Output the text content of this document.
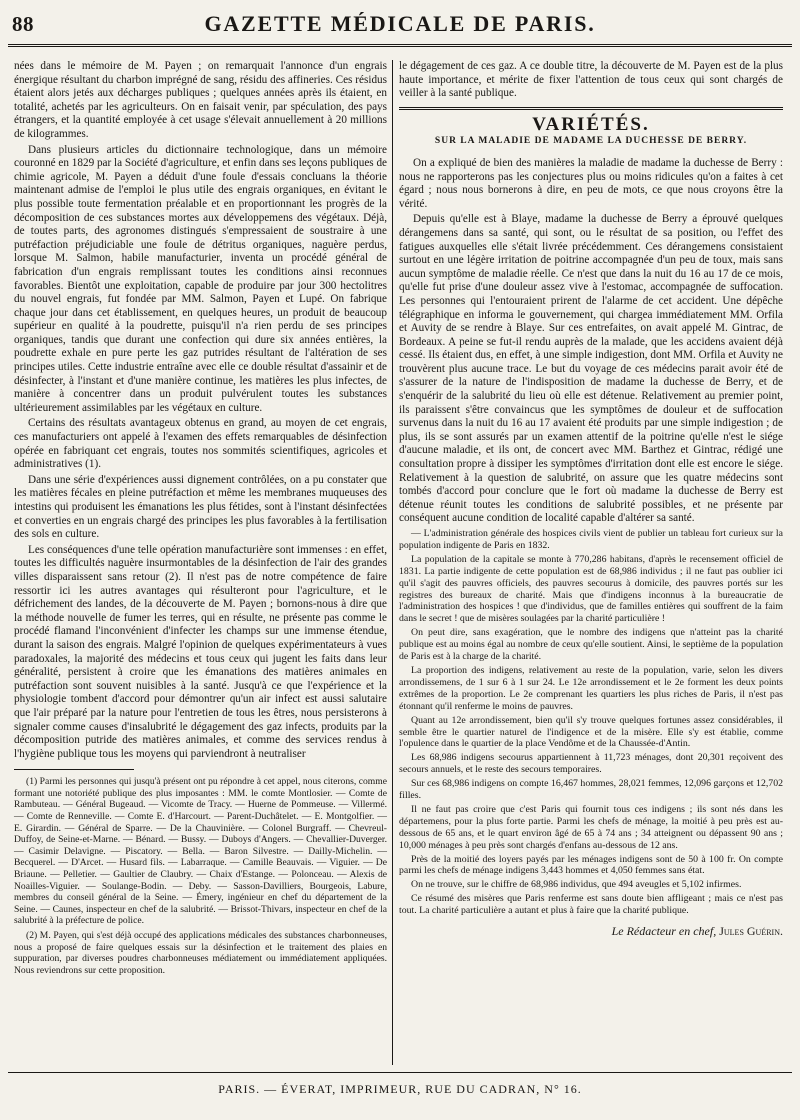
88	GAZETTE MÉDICALE DE PARIS.

nées dans le mémoire de M. Payen ; on remarquait l'annonce d'un engrais énergique résultant du charbon imprégné de sang, résidu des affineries. Ces résidus étaient alors jetés aux décharges publiques ; quelques années après ils étaient, en totalité, achetés par les agriculteurs. On en faisait venir, par spéculation, des pays étrangers, et la quantité employée à cet usage s'élevait annuellement à 20 millions de kilogrammes.

Dans plusieurs articles du dictionnaire technologique, dans un mémoire couronné en 1829 par la Société d'agriculture, et enfin dans ses leçons publiques de chimie agricole, M. Payen a déduit d'une foule d'essais concluans la théorie maintenant admise de l'emploi le plus utile des engrais organiques, en évitant le plus possible toute fermentation préalable et en proportionnant les progrès de la décomposition de ces substances mortes aux développemens des végétaux. Déjà, de toutes parts, des agronomes distingués s'empressaient de soustraire à une putréfaction préjudiciable une foule de détritus organiques, naguère perdus, lorsque M. Salmon, habile manufacturier, inventa un procédé général de fabrication d'un engrais remplissant toutes les conditions ainsi reconnues favorables. Bientôt une exploitation, capable de produire par jour 300 hectolitres du nouvel engrais, fut fondée par MM. Salmon, Payen et Lupé. On fabrique chaque jour dans cet établissement, en quelques heures, un produit de beaucoup supérieur en qualité à la poudrette, puisqu'il n'a rien perdu de ses principes organiques, tandis que durant une confection qui dure six années entières, la poudrette exhale en pure perte les gaz putrides résultant de l'altération de ses principes utiles. Cette industrie entraîne avec elle ce double résultat d'assainir et de désinfecter, à l'instant et d'une manière continue, les matières les plus infectes, de manière à concentrer dans un produit pulvérulent toutes les substances ultérieurement assimilables par les végétaux en culture.

Certains des résultats avantageux obtenus en grand, au moyen de cet engrais, ces manufacturiers ont appelé à l'examen des effets remarquables de désinfection opérée en fabriquant cet engrais, toutes nos sommités scientifiques, agricoles et administratives (1).

Dans une série d'expériences aussi dignement contrôlées, on a pu constater que les matières fécales en pleine putréfaction et même les membranes muqueuses des intestins qui produisent les émanations les plus fétides, sont à l'instant désinfectées et converties en un engrais chargé des principes les plus favorables à la fertilisation des sols en culture.

Les conséquences d'une telle opération manufacturière sont immenses : en effet, toutes les difficultés naguère insurmontables de la désinfection de l'air des grandes villes disparaissent sans retour (2). Il n'est pas de notre compétence de faire ressortir ici les autres avantages qui résulteront pour l'agriculture, et le défrichement des landes, de la découverte de M. Payen ; bornons-nous à dire que la méthode nouvelle de fumer les terres, qui en résulte, ne présente pas comme le procédé flamand l'inconvénient d'infecter les champs sur une immense étendue, durant la saison des engrais. Malgré l'opinion de quelques expérimentateurs à vues paradoxales, la majorité des médecins et tous ceux qui jugent les faits dans leur généralité, persistent à croire que les émanations des matières animales en putréfaction sont souvent nuisibles à la santé. Jusqu'à ce que l'expérience et la physiologie tombent d'accord pour démontrer qu'un air infect est aussi salutaire que l'air préparé par la nature pour l'entretien de tous les êtres, nous persisterons à signaler comme causes d'insalubrité le dégagement des gaz infects, produits par la décomposition putride des matières animales, et comme des services rendus à l'hygiène publique tous les moyens qui parviendront à neutraliser

(1) Parmi les personnes qui jusqu'à présent ont pu répondre à cet appel, nous citerons, comme formant une notoriété publique des plus imposantes : MM. le comte Montlosier. — Comte de Rambuteau. — Général Bugeaud. — Vicomte de Tracy. — Huerne de Pommeuse. — Villermé. — Comte de Renneville. — Comte E. d'Harcourt. — Parent-Duchâtelet. — E. Montgolfier. — E. Girardin. — Général de Sparre. — De la Chauvinière. — Colonel Burgraff. — Chevreul-Duffoy, de Seine-et-Marne. — Bénard. — Bussy. — Duboys d'Angers. — Chevallier-Duverger. — Casimir Delavigne. — Piscatory. — Bella. — Baron Silvestre. — Dailly-Michelin. — Becquerel. — D'Arcet. — Husard fils. — Labarraque. — Camille Beauvais. — Viguier. — De Briaune. — Pelletier. — Gaultier de Claubry. — Chaix d'Estange. — Polonceau. — Alexis de Noailles-Viguier. — Soulange-Bodin. — Deby. — Sasson-Davilliers, Bourgeois, Labure, membres du conseil général de la Seine. — Émery, ingénieur en chef du département de la Seine. — Caunes, inspecteur en chef de la salubrité. — Brissot-Thivars, inspecteur en chef de la salubrité à la préfecture de police.

(2) M. Payen, qui s'est déjà occupé des applications médicales des substances charbonneuses, nous a proposé de faire quelques essais sur la désinfection et le traitement des plaies en suppuration, par diverses poudres charbonneuses médiatement ou immédiatement appliquées. Nous reviendrons sur cette proposition.

le dégagement de ces gaz. A ce double titre, la découverte de M. Payen est de la plus haute importance, et mérite de fixer l'attention de tous ceux qui sont chargés de veiller à la santé publique.

VARIÉTÉS.
SUR LA MALADIE DE MADAME LA DUCHESSE DE BERRY.

On a expliqué de bien des manières la maladie de madame la duchesse de Berry : nous ne rapporterons pas les conjectures plus ou moins ridicules qu'on a faites à cet égard ; nous nous bornerons à dire, en peu de mots, ce que nous croyons être la vérité.

Depuis qu'elle est à Blaye, madame la duchesse de Berry a éprouvé quelques dérangemens dans sa santé, qui sont, ou le résultat de sa position, ou l'effet des fatigues auxquelles elle s'était livrée précédemment. Ces dérangemens consistaient surtout en une légère irritation de poitrine accompagnée d'un peu de toux, mais sans aucun symptôme de maladie réelle. Ce n'est que dans la nuit du 16 au 17 de ce mois, qu'elle fut prise d'une douleur assez vive à l'estomac, accompagnée de suffocation. Les personnes qui l'entouraient prirent de l'alarme de cet accident. Une dépêche télégraphique en informa le gouvernement, qui chargea immédiatement MM. Orfila et Auvity de se rendre à Blaye. Sur ces entrefaites, on avait appelé M. Gintrac, de Bordeaux. A peine se fut-il rendu auprès de la malade, que les accidens avaient déjà cessé. Ils étaient dus, en effet, à une simple indigestion, dont MM. Orfila et Auvity ne trouvèrent plus aucune trace. Le but du voyage de ces médecins parait avoir été de s'assurer de la nature de l'indisposition de madame la duchesse de Berry, et de s'enquérir de la salubrité du lieu où elle est détenue. Relativement au premier point, ils paraissent s'être convaincus que les symptômes de douleur et de suffocation survenus dans la nuit du 16 au 17 avaient été produits par une simple indigestion ; de plus, ils se sont assurés par un examen attentif de la poitrine qu'elle n'est le siége d'aucune maladie, et ils ont, de concert avec MM. Barthez et Gintrac, rédigé une consultation propre à dissiper les symptômes d'irritation dont elle est encore le siége. Relativement à la question de salubrité, on assure que les quatre médecins sont tombés d'accord pour conclure que le fort où madame la duchesse de Berry est détenue réunit toutes les conditions de salubrité possibles, et ne présente par conséquent aucune condition de localité capable d'altérer sa santé.

— L'administration générale des hospices civils vient de publier un tableau fort curieux sur la population indigente de Paris en 1832.

La population de la capitale se monte à 770,286 habitans, d'après le recensement officiel de 1831. La partie indigente de cette population est de 68,986 individus ; il ne faut pas oublier ici qu'il s'agit des pauvres officiels, des pauvres secourus à domicile, des pauvres portés sur les registres des bureaux de charité. Mais que d'indigens inconnus à la bureaucratie de l'administration des hospices ! que d'individus, que de familles entières qui souffrent de la faim dans le secret ! que de misères soulagées par la charité particulière !

On peut dire, sans exagération, que le nombre des indigens que n'atteint pas la charité publique est au moins égal au nombre de ceux qu'elle soutient. Ainsi, le septième de la population de Paris est à la charge de la charité.

La proportion des indigens, relativement au reste de la population, varie, selon les divers arrondissemens, de 1 sur 6 à 1 sur 24. Le 12e arrondissement et le 2e forment les deux points extrêmes de la proportion. Le 2e comprenant les quartiers les plus riches de Paris, il n'est pas étonnant qu'il renferme le moins de pauvres.

Quant au 12e arrondissement, bien qu'il s'y trouve quelques fortunes assez considérables, il semble être le quartier naturel de l'indigence et de la misère. Elle s'y est établie, comme l'opulence dans le quartier de la place Vendôme et de la Chaussée-d'Antin.

Les 68,986 indigens secourus appartiennent à 11,723 ménages, dont 20,301 reçoivent des secours annuels, et le reste des secours temporaires.

Sur ces 68,986 indigens on compte 16,467 hommes, 28,021 femmes, 12,096 garçons et 12,702 filles.

Il ne faut pas croire que c'est Paris qui fournit tous ces indigens ; ils sont nés dans les départemens, pour la plus forte partie. Parmi les chefs de ménage, la moitié à peu près est au-dessous de 65 ans, et le quart environ âgé de 65 à 74 ans ; 34 atteignent ou dépassent 90 ans ; 10,000 ménages à peu près sont chargés d'enfans au-dessous de 12 ans.

Près de la moitié des loyers payés par les ménages indigens sont de 50 à 100 fr. On compte parmi les chefs de ménage indigens 3,443 hommes et 4,050 femmes sans état.

On ne trouve, sur le chiffre de 68,986 individus, que 494 aveugles et 5,102 infirmes.

Ce résumé des misères que Paris renferme est sans doute bien affligeant ; mais ce n'est pas tout. La charité particulière a autant et plus à faire que la charité publique.

Le Rédacteur en chef, Jules Guérin.
PARIS. — ÉVERAT, IMPRIMEUR, RUE DU CADRAN, N° 16.
